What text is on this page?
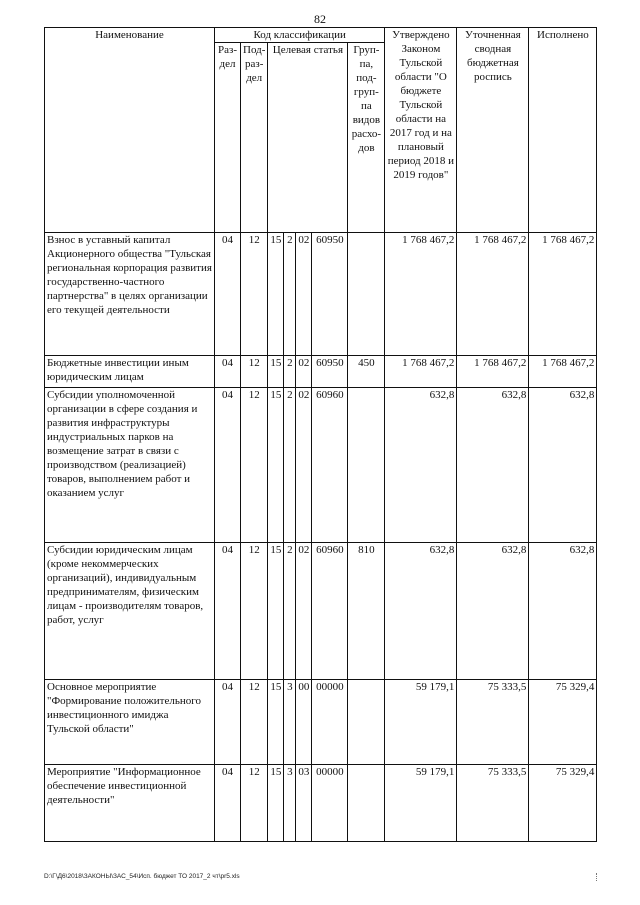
82
Наименование	Код классификации							Утверждено Законом Тульской области "О бюджете Тульской области на 2017 год и на плановый период 2018 и 2019 годов"	Уточненная сводная бюджетная роспись	Исполнено
	Раз-дел	Под-раз-дел	Целевая статья				Груп-па, под-груп-па видов расхо-дов			
Взнос в уставный капитал Акционерного общества "Тульская региональная корпорация развития государственно-частного партнерства" в целях организации его текущей деятельности	04	12	15	2	02	60950		1 768 467,2	1 768 467,2	1 768 467,2
Бюджетные инвестиции иным юридическим лицам	04	12	15	2	02	60950	450	1 768 467,2	1 768 467,2	1 768 467,2
Субсидии уполномоченной организации в сфере создания и развития инфраструктуры индустриальных парков на возмещение затрат в связи с производством (реализацией) товаров, выполнением работ и оказанием услуг	04	12	15	2	02	60960		632,8	632,8	632,8
Субсидии юридическим лицам (кроме некоммерческих организаций), индивидуальным предпринимателям, физическим лицам - производителям товаров, работ, услуг	04	12	15	2	02	60960	810	632,8	632,8	632,8
Основное мероприятие "Формирование положительного инвестиционного имиджа Тульской области"	04	12	15	3	00	00000		59 179,1	75 333,5	75 329,4
Мероприятие "Информационное обеспечение инвестиционной деятельности"	04	12	15	3	03	00000		59 179,1	75 333,5	75 329,4
D:\Г\Д6\2018\ЗАКОНЫ\ЗАС_54\Исп. бюджет ТО 2017_2 чт\pr5.xls
